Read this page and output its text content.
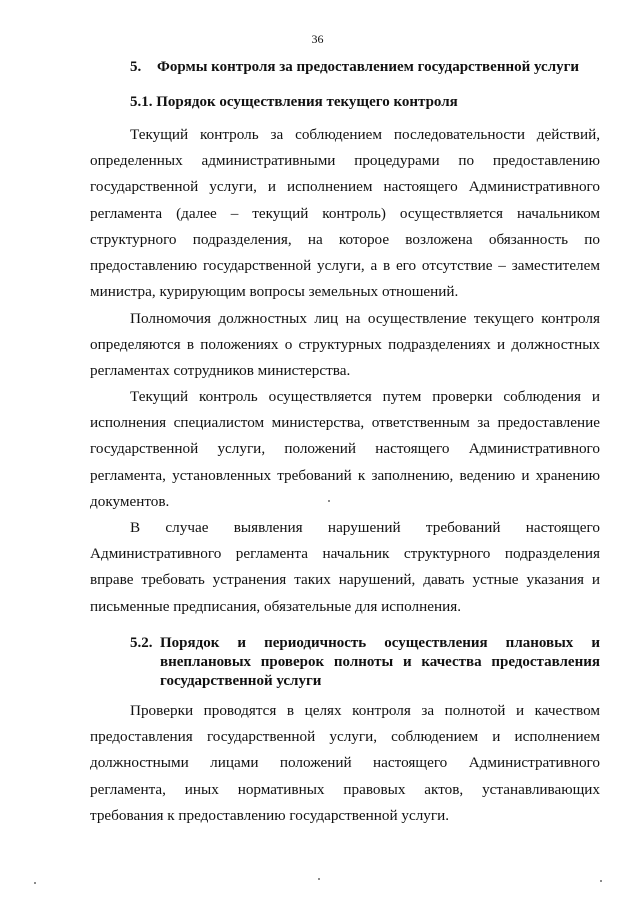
36
5. Формы контроля за предоставлением государственной услуги
5.1. Порядок осуществления текущего контроля

Текущий контроль за соблюдением последовательности действий, определенных административными процедурами по предоставлению государственной услуги, и исполнением настоящего Административного регламента (далее – текущий контроль) осуществляется начальником структурного подразделения, на которое возложена обязанность по предоставлению государственной услуги, а в его отсутствие – заместителем министра, курирующим вопросы земельных отношений.

Полномочия должностных лиц на осуществление текущего контроля определяются в положениях о структурных подразделениях и должностных регламентах сотрудников министерства.

Текущий контроль осуществляется путем проверки соблюдения и исполнения специалистом министерства, ответственным за предоставление государственной услуги, положений настоящего Административного регламента, установленных требований к заполнению, ведению и хранению документов.

В случае выявления нарушений требований настоящего Административного регламента начальник структурного подразделения вправе требовать устранения таких нарушений, давать устные указания и письменные предписания, обязательные для исполнения.

5.2. Порядок и периодичность осуществления плановых и внеплановых проверок полноты и качества предоставления государственной услуги

Проверки проводятся в целях контроля за полнотой и качеством предоставления государственной услуги, соблюдением и исполнением должностными лицами положений настоящего Административного регламента, иных нормативных правовых актов, устанавливающих требования к предоставлению государственной услуги.
